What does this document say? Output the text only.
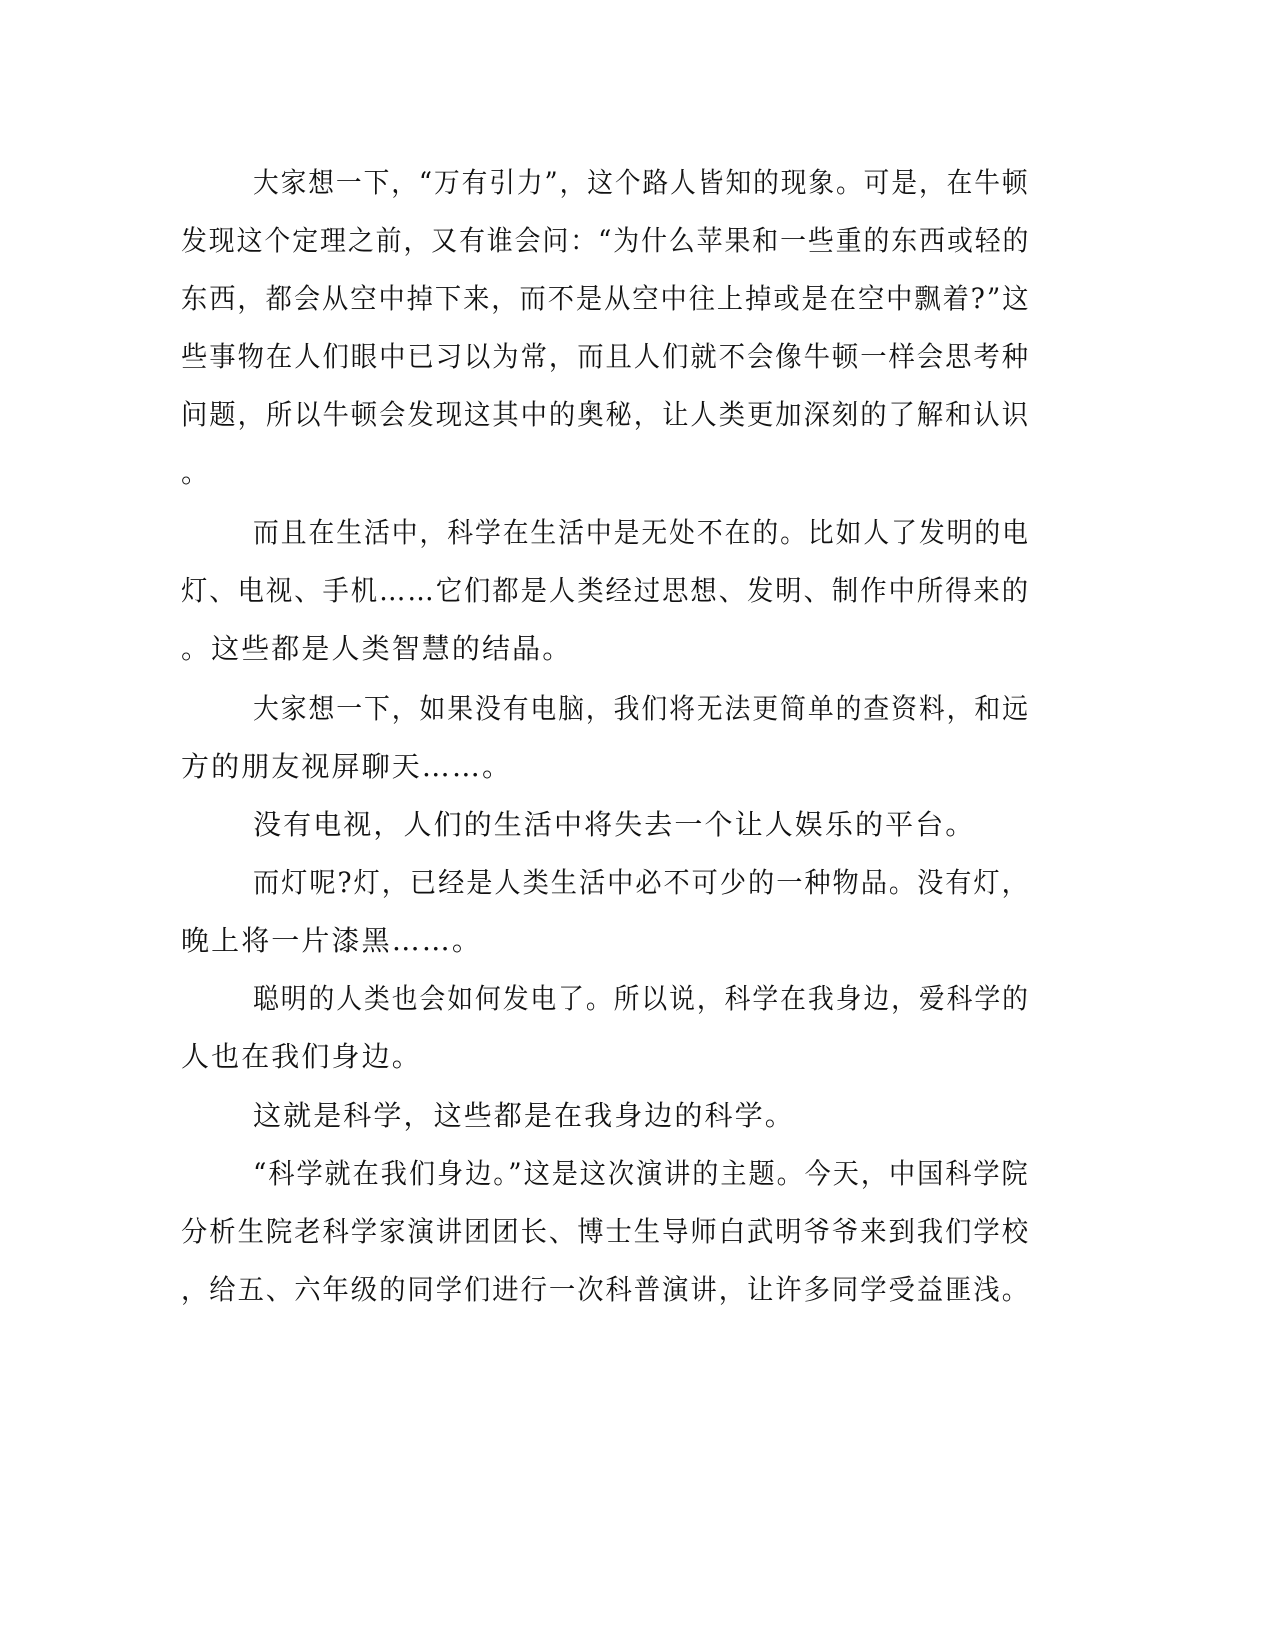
大家想一下，“万有引力”，这个路人皆知的现象。可是，在牛顿
发现这个定理之前，又有谁会问：“为什么苹果和一些重的东西或轻的
东西，都会从空中掉下来，而不是从空中往上掉或是在空中飘着?”这
些事物在人们眼中已习以为常，而且人们就不会像牛顿一样会思考种
问题，所以牛顿会发现这其中的奥秘，让人类更加深刻的了解和认识
。
而且在生活中，科学在生活中是无处不在的。比如人了发明的电
灯、电视、手机……它们都是人类经过思想、发明、制作中所得来的
。这些都是人类智慧的结晶。
大家想一下，如果没有电脑，我们将无法更简单的查资料，和远
方的朋友视屏聊天……。
没有电视，人们的生活中将失去一个让人娱乐的平台。
而灯呢?灯，已经是人类生活中必不可少的一种物品。没有灯，
晚上将一片漆黑……。
聪明的人类也会如何发电了。所以说，科学在我身边，爱科学的
人也在我们身边。
这就是科学，这些都是在我身边的科学。
“科学就在我们身边。”这是这次演讲的主题。今天，中国科学院
分析生院老科学家演讲团团长、博士生导师白武明爷爷来到我们学校
，给五、六年级的同学们进行一次科普演讲，让许多同学受益匪浅。
